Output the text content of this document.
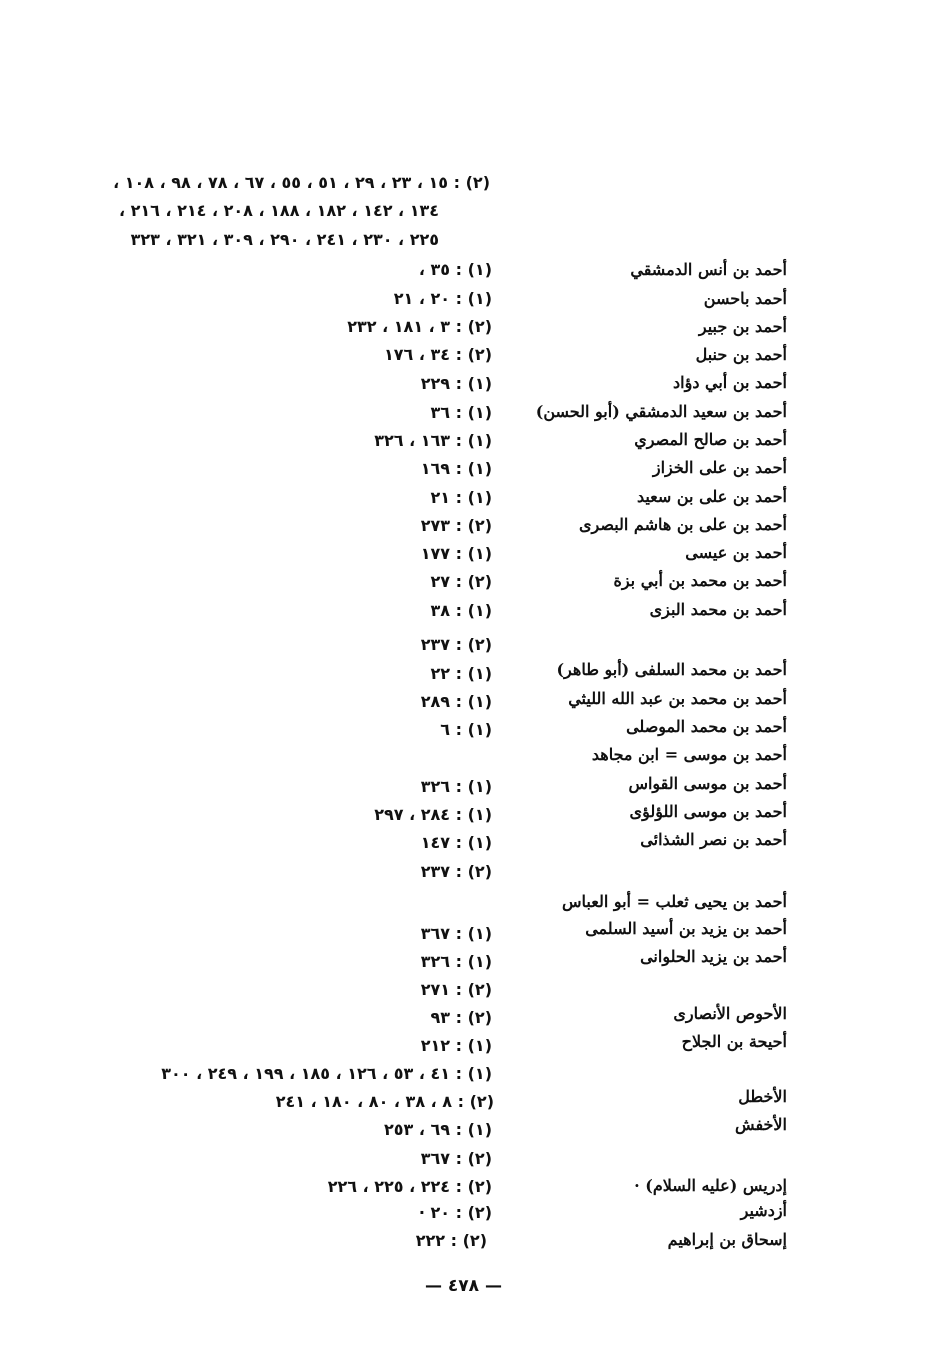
(٢) : ١٥ ، ٢٣ ، ٢٩ ، ٥١ ، ٥٥ ، ٦٧ ، ٧٨ ، ٩٨ ، ١٠٨ ،
١٣٤ ، ١٤٢ ، ١٨٢ ، ١٨٨ ، ٢٠٨ ، ٢١٤ ، ٢١٦ ،
٢٢٥ ، ٢٣٠ ، ٢٤١ ، ٢٩٠ ، ٣٠٩ ، ٣٢١ ، ٣٢٣
أحمد بن أنس الدمشقي
(١) : ٣٥ ،
أحمد باحسن
(١) : ٢٠ ، ٢١
أحمد بن جبير
(٢) : ٣ ، ١٨١ ، ٢٣٢
أحمد بن حنبل
(٢) : ٣٤ ، ١٧٦
أحمد بن أبي دؤاد
(١) : ٢٢٩
أحمد بن سعيد الدمشقي (أبو الحسن)
(١) : ٣٦
أحمد بن صالح المصري
(١) : ١٦٣ ، ٣٢٦
أحمد بن على الخزاز
(١) : ١٦٩
أحمد بن على بن سعيد
(١) : ٢١
أحمد بن على بن هاشم البصرى
(٢) : ٢٧٣
أحمد بن عيسى
(١) : ١٧٧
أحمد بن محمد بن أبي بزة
(٢) : ٢٧
أحمد بن محمد البزى
(١) : ٣٨
(٢) : ٢٣٧
أحمد بن محمد السلفى (أبو طاهر)
(١) : ٢٢
أحمد بن محمد بن عبد الله الليثي
(١) : ٢٨٩
أحمد بن محمد الموصلى
(١) : ٦
أحمد بن موسى = ابن مجاهد
أحمد بن موسى القواس
(١) : ٣٢٦
أحمد بن موسى اللؤلؤى
(١) : ٢٨٤ ، ٢٩٧
أحمد بن نصر الشذائى
(١) : ١٤٧
(٢) : ٢٣٧
أحمد بن يحيى ثعلب = أبو العباس
أحمد بن يزيد بن أسيد السلمى
(١) : ٣٦٧
أحمد بن يزيد الحلوانى
(١) : ٣٢٦
(٢) : ٢٧١
الأحوص الأنصارى
(٢) : ٩٣
أحيحة بن الجلاح
(١) : ٢١٢
(١) : ٤١ ، ٥٣ ، ١٢٦ ، ١٨٥ ، ١٩٩ ، ٢٤٩ ، ٣٠٠
الأخطل
(٢) : ٨ ، ٣٨ ، ٨٠ ، ١٨٠ ، ٢٤١
الأخفش
(١) : ٦٩ ، ٢٥٣
(٢) : ٣٦٧
إدريس (عليه السلام) ·
(٢) : ٢٢٤ ، ٢٢٥ ، ٢٢٦
أزدشير
(٢) : ٢٠ ·
إسحاق بن إبراهيم
(٢) : ٢٢٢
— ٤٧٨ —
